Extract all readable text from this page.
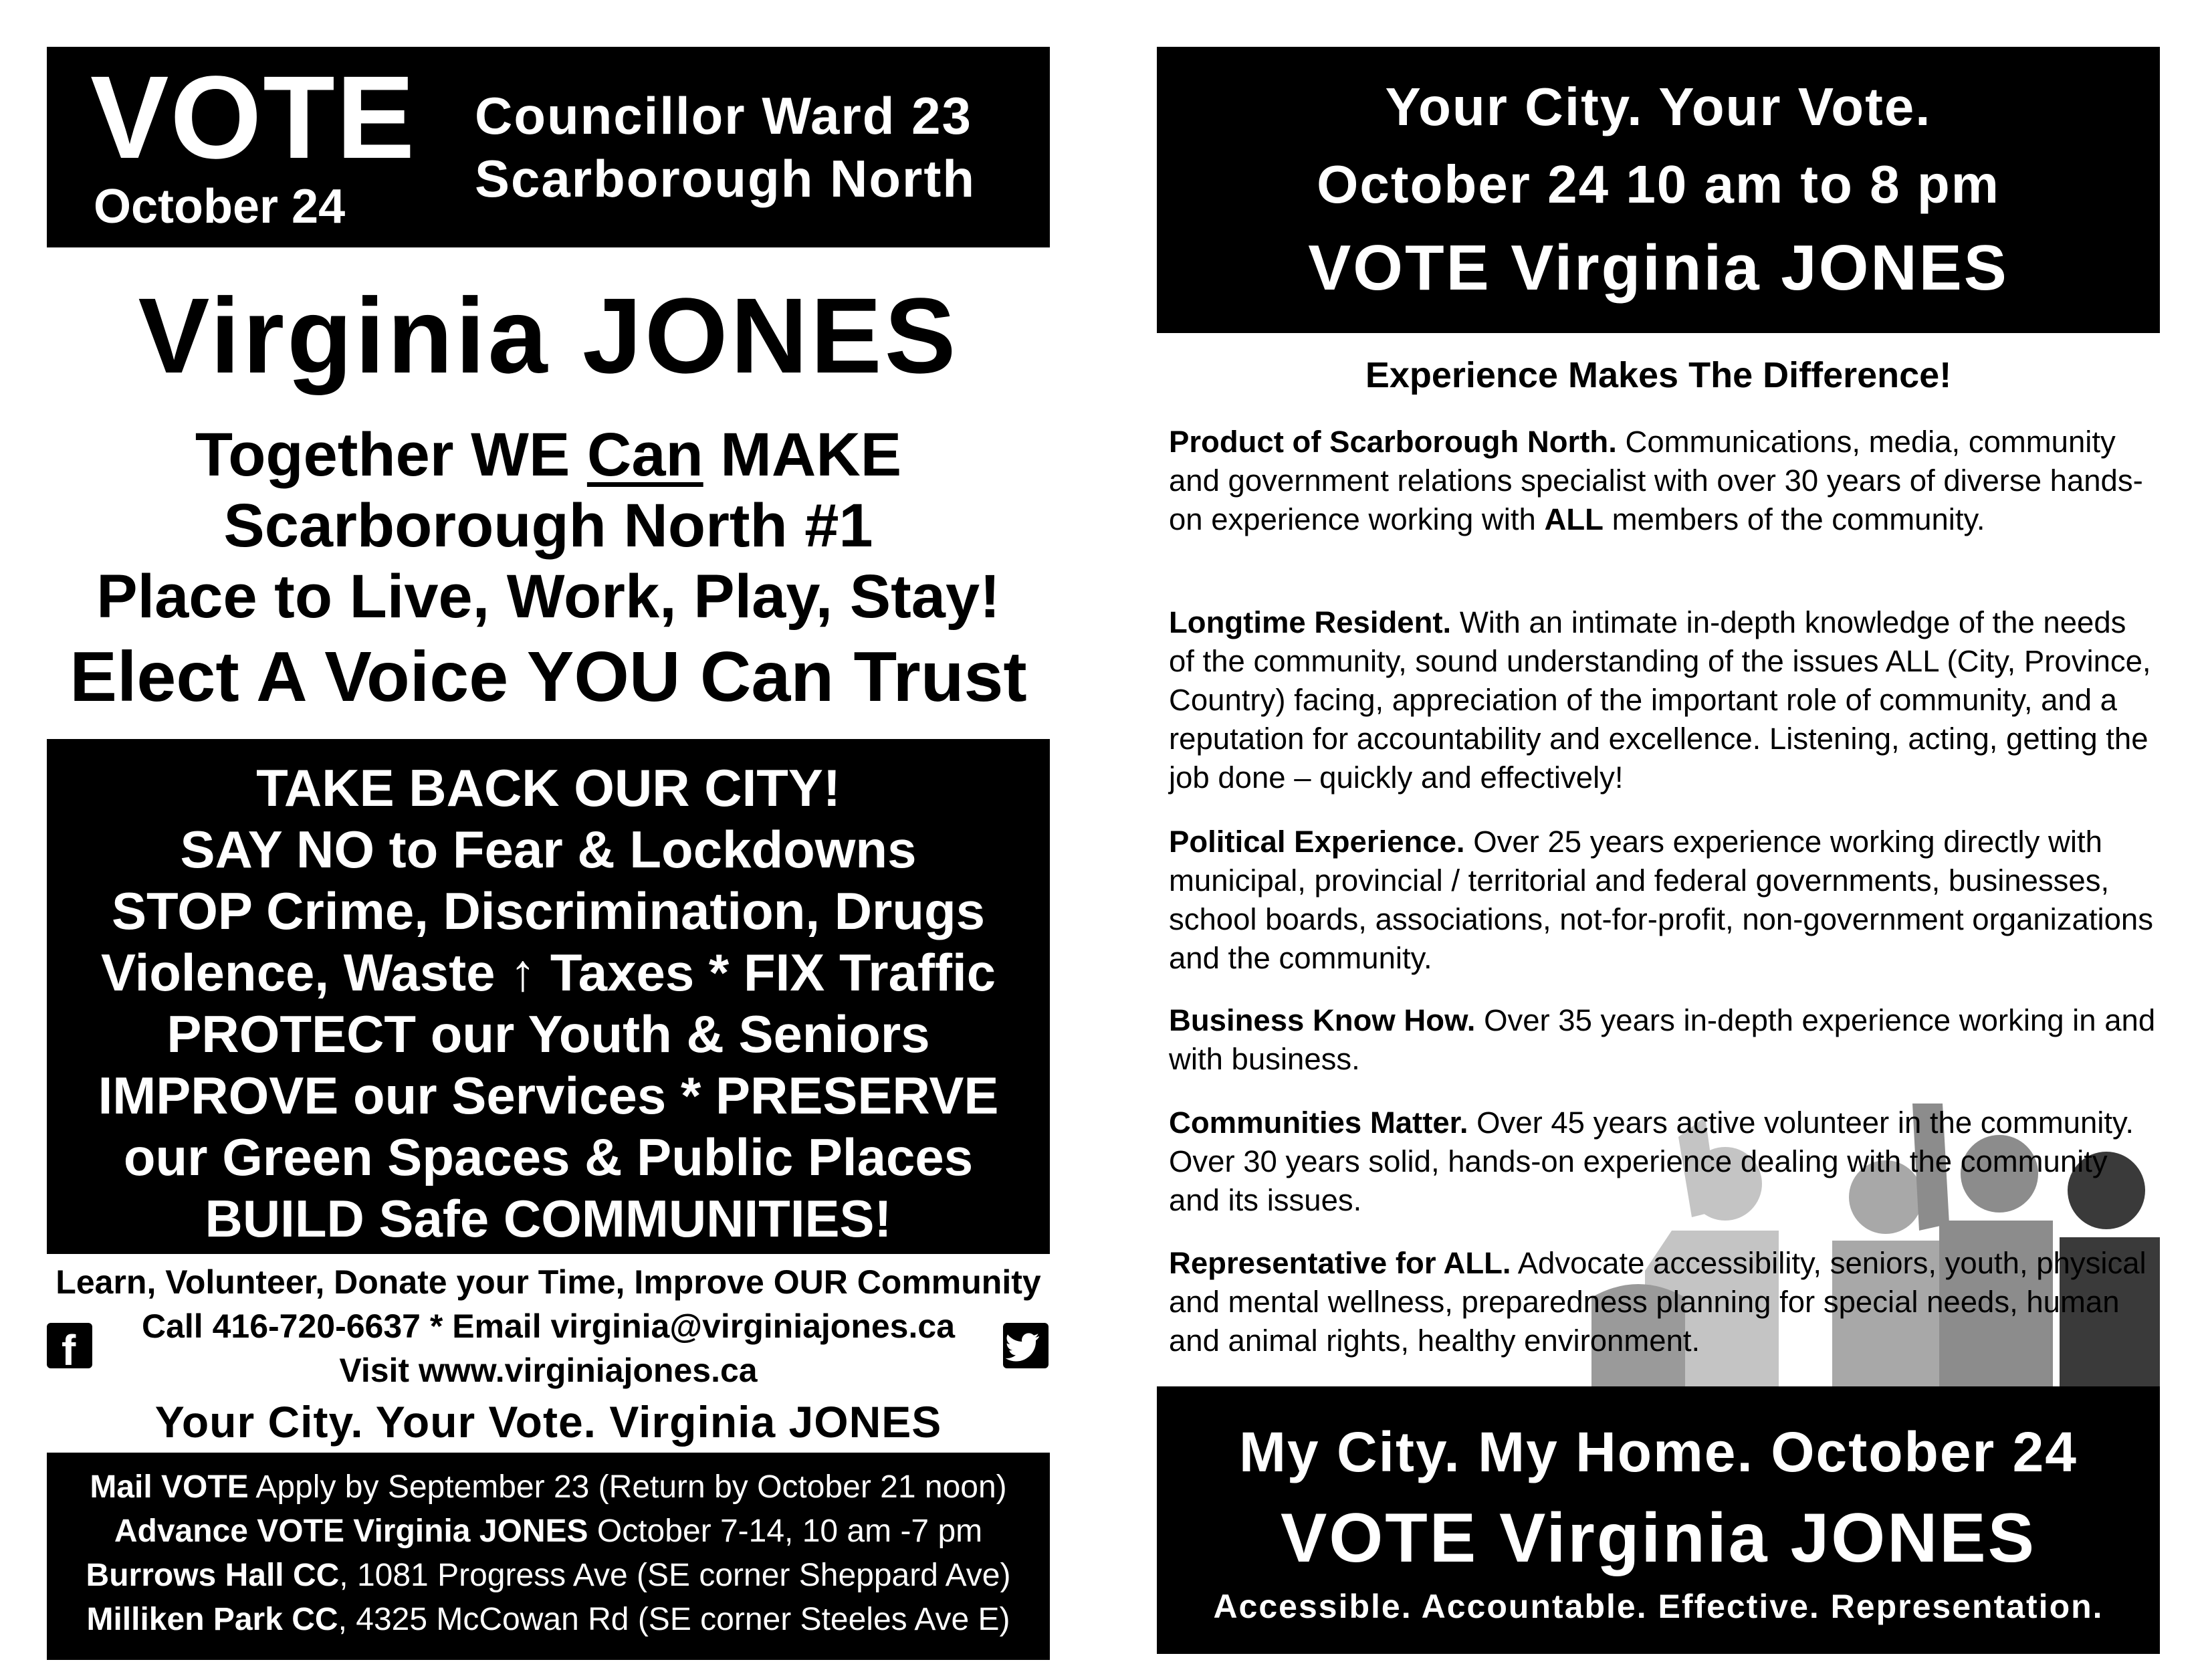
VOTE
October 24
Councillor Ward 23
Scarborough North
Virginia JONES
Together WE Can MAKE
Scarborough North #1
Place to Live, Work, Play, Stay!
Elect A Voice YOU Can Trust
TAKE BACK OUR CITY!
SAY NO to Fear & Lockdowns
STOP Crime, Discrimination, Drugs
Violence, Waste ↑ Taxes * FIX Traffic
PROTECT our Youth & Seniors
IMPROVE our Services * PRESERVE
our Green Spaces & Public Places
BUILD Safe COMMUNITIES!
Learn, Volunteer, Donate your Time, Improve OUR Community
Call 416-720-6637 * Email virginia@virginiajones.ca
Visit www.virginiajones.ca
f
Your City. Your Vote. Virginia JONES
Mail VOTE Apply by September 23 (Return by October 21 noon)
Advance VOTE Virginia JONES October 7-14, 10 am -7 pm
Burrows Hall CC, 1081 Progress Ave (SE corner Sheppard Ave)
Milliken Park CC, 4325 McCowan Rd (SE corner Steeles Ave E)
Your City. Your Vote.
October 24 10 am to 8 pm
VOTE Virginia JONES
Experience Makes The Difference!
Product of Scarborough North. Communications, media, community and government relations specialist with over 30 years of diverse hands-on experience working with ALL members of the community.
Longtime Resident. With an intimate in-depth knowledge of the needs of the community, sound understanding of the issues ALL (City, Province, Country) facing, appreciation of the important role of community, and a reputation for accountability and excellence. Listening, acting, getting the job done – quickly and effectively!
Political Experience. Over 25 years experience working directly with municipal, provincial / territorial and federal governments, businesses, school boards, associations, not-for-profit, non-government organizations and the community.
Business Know How. Over 35 years in-depth experience working in and with business.
Communities Matter. Over 45 years active volunteer in the community. Over 30 years solid, hands-on experience dealing with the community and its issues.
Representative for ALL. Advocate accessibility, seniors, youth, physical and mental wellness, preparedness planning for special needs, human and animal rights, healthy environment.
My City. My Home. October 24
VOTE Virginia JONES
Accessible. Accountable. Effective. Representation.
